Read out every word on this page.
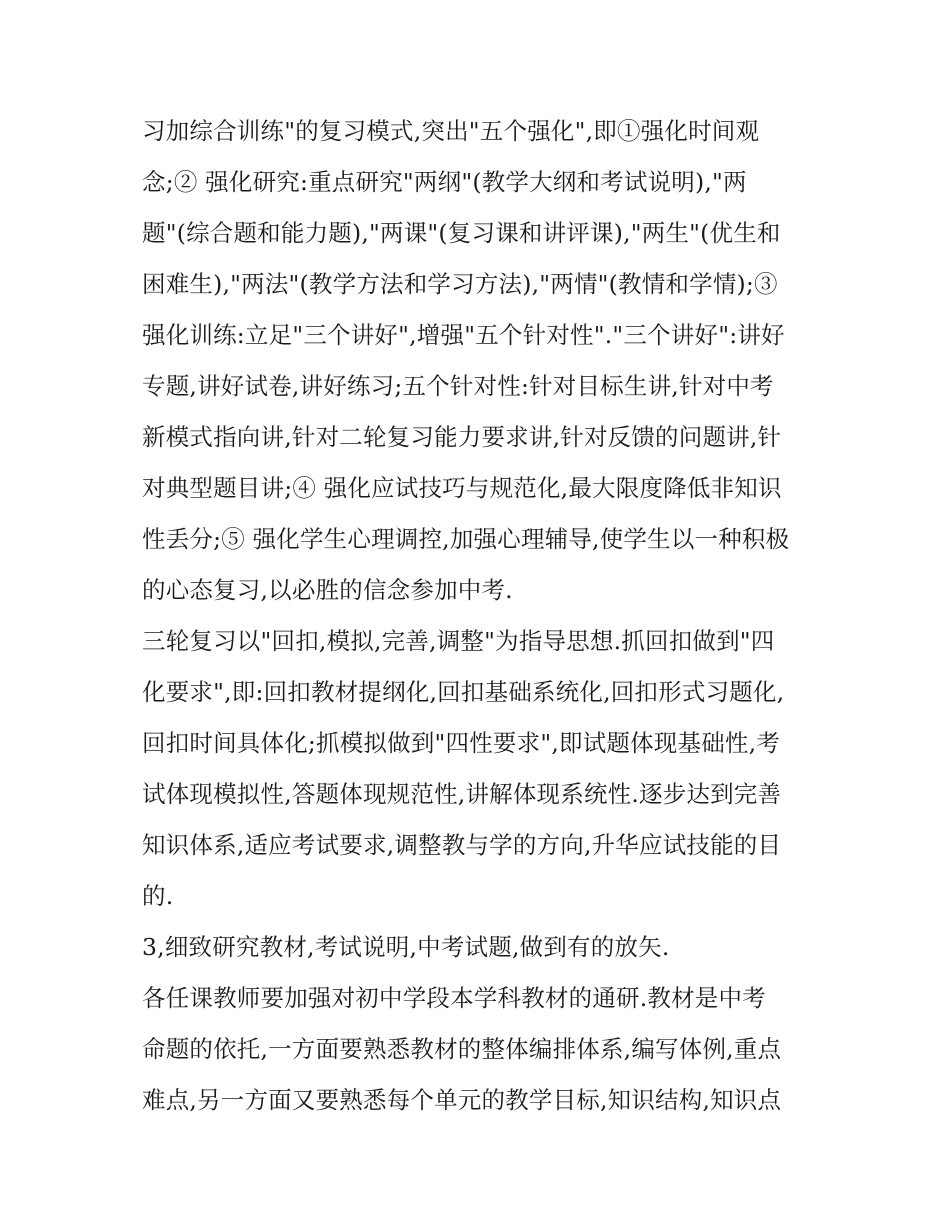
习加综合训练"的复习模式,突出"五个强化",即①强化时间观
念;② 强化研究:重点研究"两纲"(教学大纲和考试说明),"两
题"(综合题和能力题),"两课"(复习课和讲评课),"两生"(优生和
困难生),"两法"(教学方法和学习方法),"两情"(教情和学情);③
强化训练:立足"三个讲好",增强"五个针对性"."三个讲好":讲好
专题,讲好试卷,讲好练习;五个针对性:针对目标生讲,针对中考
新模式指向讲,针对二轮复习能力要求讲,针对反馈的问题讲,针
对典型题目讲;④ 强化应试技巧与规范化,最大限度降低非知识
性丢分;⑤ 强化学生心理调控,加强心理辅导,使学生以一种积极
的心态复习,以必胜的信念参加中考.
三轮复习以"回扣,模拟,完善,调整"为指导思想.抓回扣做到"四
化要求",即:回扣教材提纲化,回扣基础系统化,回扣形式习题化,
回扣时间具体化;抓模拟做到"四性要求",即试题体现基础性,考
试体现模拟性,答题体现规范性,讲解体现系统性.逐步达到完善
知识体系,适应考试要求,调整教与学的方向,升华应试技能的目
的.
3,细致研究教材,考试说明,中考试题,做到有的放矢.
各任课教师要加强对初中学段本学科教材的通研.教材是中考
命题的依托,一方面要熟悉教材的整体编排体系,编写体例,重点
难点,另一方面又要熟悉每个单元的教学目标,知识结构,知识点
